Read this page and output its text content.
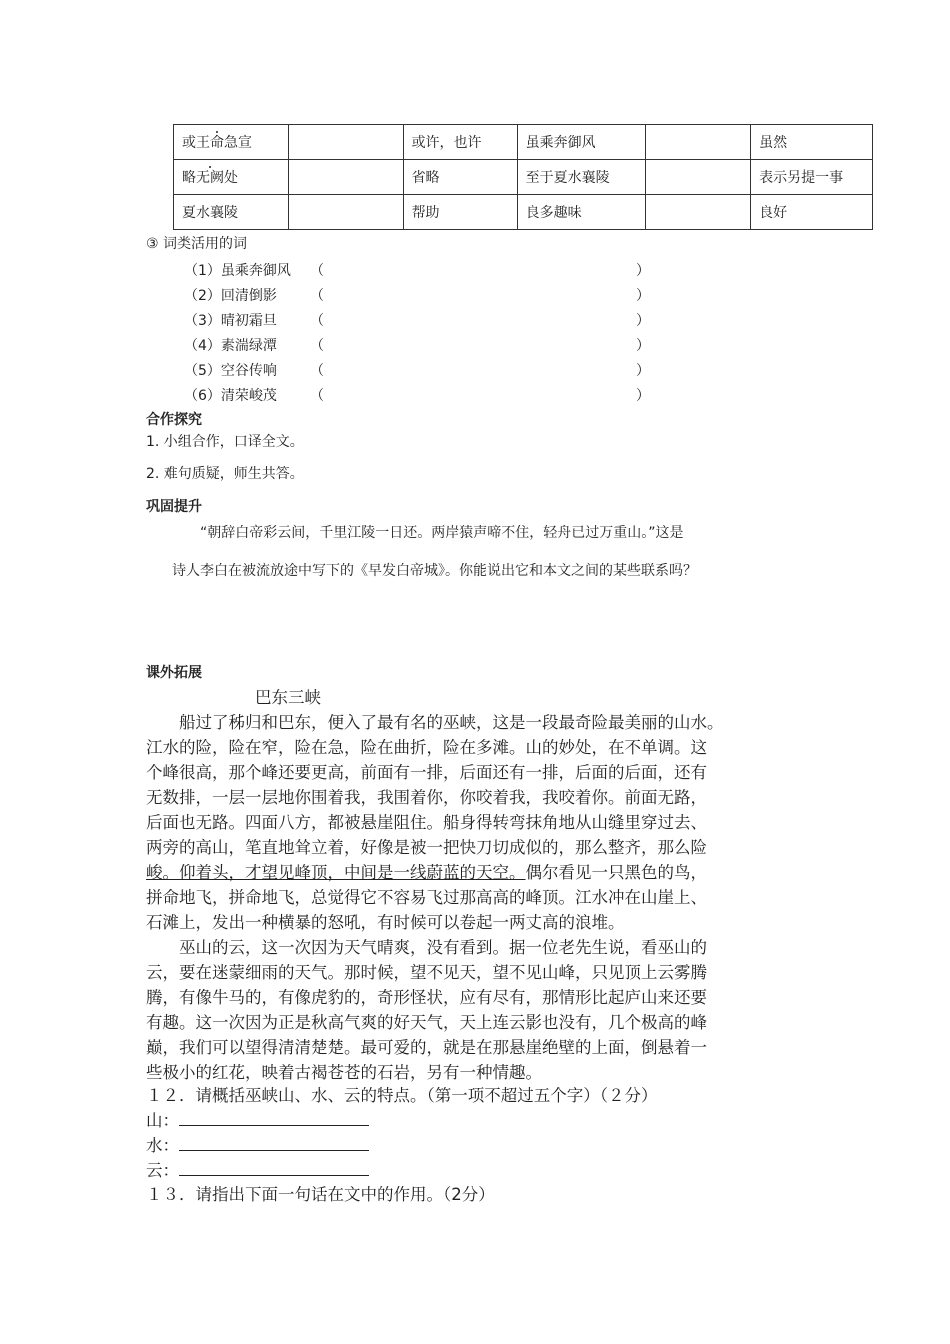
或王命急宣		或许，也许	虽乘奔御风		虽然
略无阙处		省略	至于夏水襄陵		表示另提一事
夏水襄陵		帮助	良多趣味		良好
③ 词类活用的词
（1）虽乘奔御风
（2）回清倒影
（3）晴初霜旦
（4）素湍绿潭
（5）空谷传响
（6）清荣峻茂
（	）
（	）
（	）
（	）
（	）
（	）
合作探究
1. 小组合作，口译全文。
2. 难句质疑，师生共答。
巩固提升
“朝辞白帝彩云间，千里江陵一日还。两岸猿声啼不住，轻舟已过万重山。”这是
诗人李白在被流放途中写下的《早发白帝城》。你能说出它和本文之间的某些联系吗？
课外拓展
巴东三峡
船过了秭归和巴东，便入了最有名的巫峡，这是一段最奇险最美丽的山水。
江水的险，险在窄，险在急，险在曲折，险在多滩。山的妙处，在不单调。这
个峰很高，那个峰还要更高，前面有一排，后面还有一排，后面的后面，还有
无数排，一层一层地你围着我，我围着你，你咬着我，我咬着你。前面无路，
后面也无路。四面八方，都被悬崖阻住。船身得转弯抹角地从山缝里穿过去、
两旁的高山，笔直地耸立着，好像是被一把快刀切成似的，那么整齐，那么险
峻。仰着头，才望见峰顶，中间是一线蔚蓝的天空。偶尔看见一只黑色的鸟，
拼命地飞，拼命地飞，总觉得它不容易飞过那高高的峰顶。江水冲在山崖上、
石滩上，发出一种横暴的怒吼，有时候可以卷起一两丈高的浪堆。
巫山的云，这一次因为天气晴爽，没有看到。据一位老先生说，看巫山的
云，要在迷蒙细雨的天气。那时候，望不见天，望不见山峰，只见顶上云雾腾
腾，有像牛马的，有像虎豹的，奇形怪状，应有尽有，那情形比起庐山来还要
有趣。这一次因为正是秋高气爽的好天气，天上连云影也没有，几个极高的峰
巅，我们可以望得清清楚楚。最可爱的，就是在那悬崖绝壁的上面，倒悬着一
些极小的红花，映着古褐苍苍的石岩，另有一种情趣。
１２．请概括巫峡山、水、云的特点。（第一项不超过五个字）（２分）
山：
水：
云：
１３．请指出下面一句话在文中的作用。（2分）
